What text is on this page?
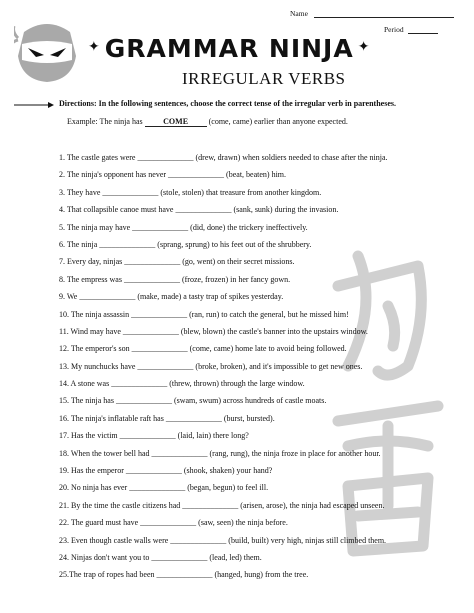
Name
Period
✦ GRAMMAR NINJA ✦
IRREGULAR VERBS
Directions: In the following sentences, choose the correct tense of the irregular verb in parentheses.
Example: The ninja has COME (come, came) earlier than anyone expected.
1. The castle gates were ______________ (drew, drawn) when soldiers needed to chase after the ninja.
2. The ninja's opponent has never ______________ (beat, beaten) him.
3. They have ______________ (stole, stolen) that treasure from another kingdom.
4. That collapsible canoe must have ______________ (sank, sunk) during the invasion.
5. The ninja may have ______________ (did, done) the trickery ineffectively.
6. The ninja ______________ (sprang, sprung) to his feet out of the shrubbery.
7. Every day, ninjas ______________ (go, went) on their secret missions.
8. The empress was ______________ (froze, frozen) in her fancy gown.
9. We ______________ (make, made) a tasty trap of spikes yesterday.
10. The ninja assassin ______________ (ran, run) to catch the general, but he missed him!
11. Wind may have ______________ (blew, blown) the castle's banner into the upstairs window.
12. The emperor's son ______________ (come, came) home late to avoid being followed.
13. My nunchucks have ______________ (broke, broken), and it's impossible to get new ones.
14. A stone was ______________ (threw, thrown) through the large window.
15. The ninja has ______________ (swam, swum) across hundreds of castle moats.
16. The ninja's inflatable raft has ______________ (burst, bursted).
17. Has the victim ______________ (laid, lain) there long?
18. When the tower bell had ______________ (rang, rung), the ninja froze in place for another hour.
19. Has the emperor ______________ (shook, shaken) your hand?
20. No ninja has ever ______________ (began, begun) to feel ill.
21. By the time the castle citizens had ______________ (arisen, arose), the ninja had escaped unseen.
22. The guard must have ______________ (saw, seen) the ninja before.
23. Even though castle walls were ______________ (build, built) very high, ninjas still climbed them.
24. Ninjas don't want you to ______________ (lead, led) them.
25.The trap of ropes had been ______________ (hanged, hung) from the tree.
